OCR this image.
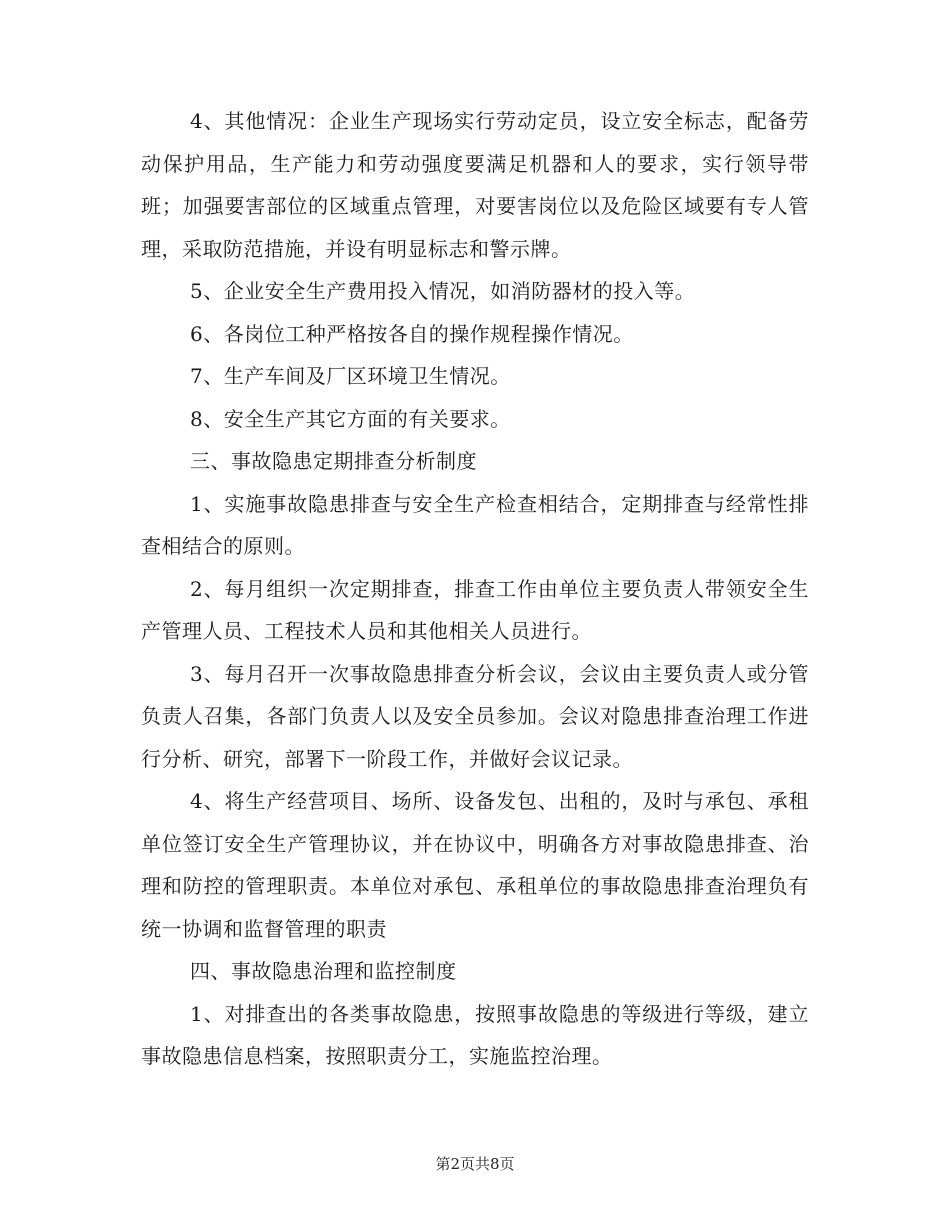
4、其他情况：企业生产现场实行劳动定员，设立安全标志，配备劳动保护用品，生产能力和劳动强度要满足机器和人的要求，实行领导带班；加强要害部位的区域重点管理，对要害岗位以及危险区域要有专人管理，采取防范措施，并设有明显标志和警示牌。

5、企业安全生产费用投入情况，如消防器材的投入等。

6、各岗位工种严格按各自的操作规程操作情况。

7、生产车间及厂区环境卫生情况。

8、安全生产其它方面的有关要求。

三、事故隐患定期排查分析制度

1、实施事故隐患排查与安全生产检查相结合，定期排查与经常性排查相结合的原则。

2、每月组织一次定期排查，排查工作由单位主要负责人带领安全生产管理人员、工程技术人员和其他相关人员进行。

3、每月召开一次事故隐患排查分析会议，会议由主要负责人或分管负责人召集，各部门负责人以及安全员参加。会议对隐患排查治理工作进行分析、研究，部署下一阶段工作，并做好会议记录。

4、将生产经营项目、场所、设备发包、出租的，及时与承包、承租单位签订安全生产管理协议，并在协议中，明确各方对事故隐患排查、治理和防控的管理职责。本单位对承包、承租单位的事故隐患排查治理负有统一协调和监督管理的职责

四、事故隐患治理和监控制度

1、对排查出的各类事故隐患，按照事故隐患的等级进行等级，建立事故隐患信息档案，按照职责分工，实施监控治理。

第2页共8页
